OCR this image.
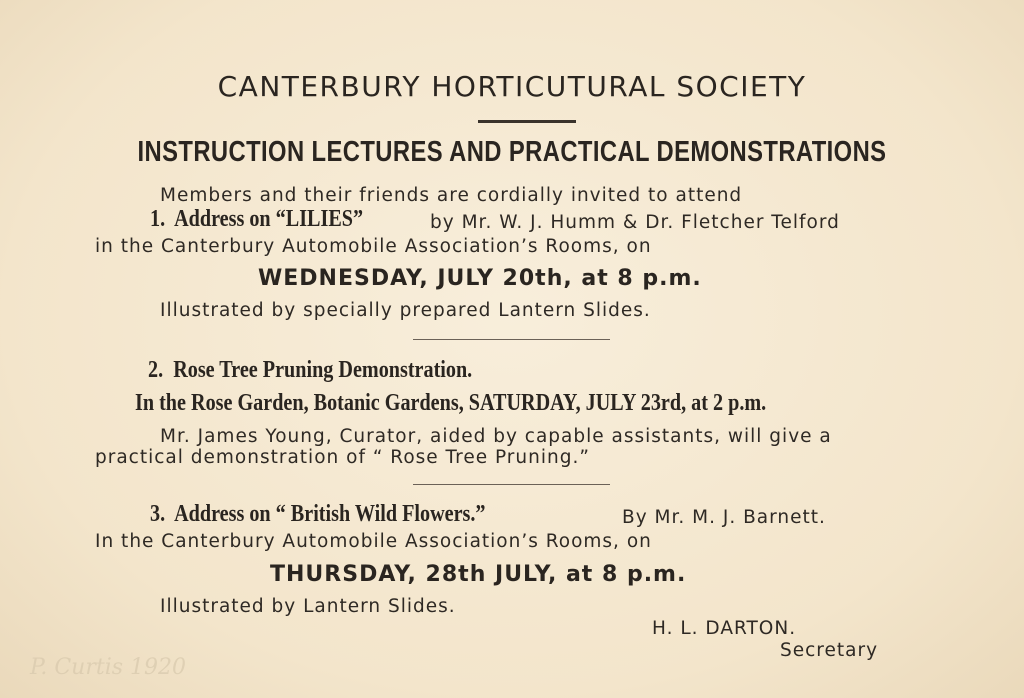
CANTERBURY HORTICUTURAL SOCIETY
INSTRUCTION LECTURES AND PRACTICAL DEMONSTRATIONS
Members and their friends are cordially invited to attend
1. Address on “LILIES”	by Mr. W. J. Humm & Dr. Fletcher Telford
in the Canterbury Automobile Association’s Rooms, on
WEDNESDAY, JULY 20th, at 8 p.m.
Illustrated by specially prepared Lantern Slides.
2. Rose Tree Pruning Demonstration.
In the Rose Garden, Botanic Gardens, SATURDAY, JULY 23rd, at 2 p.m.
Mr. James Young, Curator, aided by capable assistants, will give a
practical demonstration of “ Rose Tree Pruning.”
3. Address on “ British Wild Flowers.”	By Mr. M. J. Barnett.
In the Canterbury Automobile Association’s Rooms, on
THURSDAY, 28th JULY, at 8 p.m.
Illustrated by Lantern Slides.
H. L. DARTON.
Secretary
P. Curtis 1920
